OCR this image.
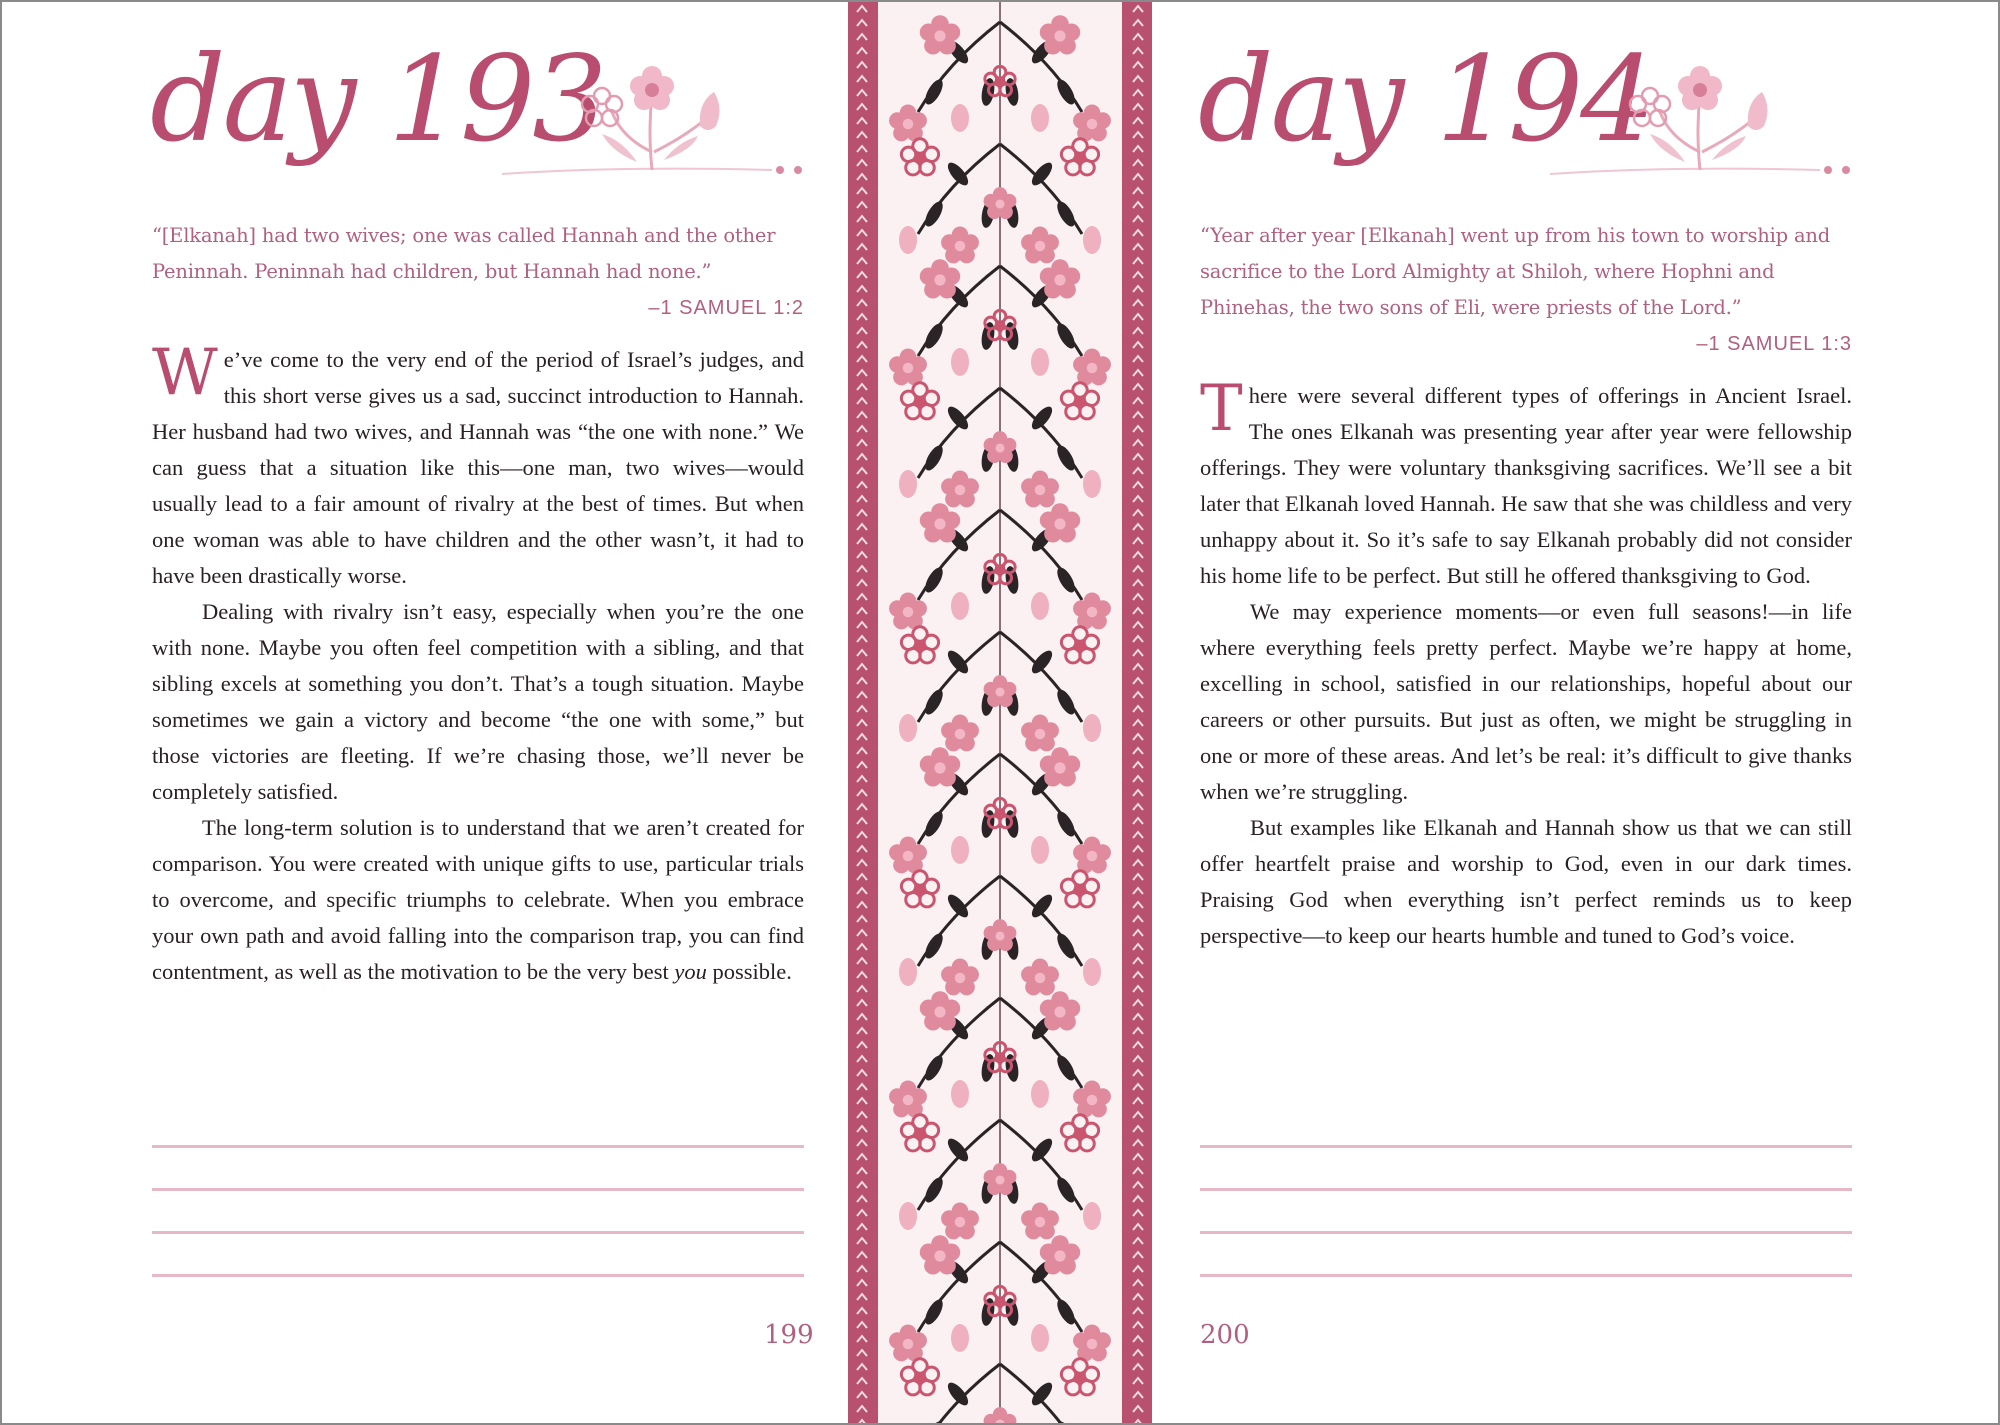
day 193
“[Elkanah] had two wives; one was called Hannah and the other Peninnah. Peninnah had children, but Hannah had none.”
–1 SAMUEL 1:2

We’ve come to the very end of the period of Israel’s judges, and this short verse gives us a sad, succinct introduction to Hannah. Her husband had two wives, and Hannah was “the one with none.” We can guess that a situation like this—one man, two wives—would usually lead to a fair amount of rivalry at the best of times. But when one woman was able to have children and the other wasn’t, it had to have been drastically worse.

Dealing with rivalry isn’t easy, especially when you’re the one with none. Maybe you often feel competition with a sibling, and that sibling excels at something you don’t. That’s a tough situation. Maybe sometimes we gain a victory and become “the one with some,” but those victories are fleeting. If we’re chasing those, we’ll never be completely satisfied.

The long-term solution is to understand that we aren’t created for comparison. You were created with unique gifts to use, particular trials to overcome, and specific triumphs to celebrate. When you embrace your own path and avoid falling into the comparison trap, you can find contentment, as well as the motivation to be the very best you possible.

199
day 194
“Year after year [Elkanah] went up from his town to worship and sacrifice to the Lord Almighty at Shiloh, where Hophni and Phinehas, the two sons of Eli, were priests of the Lord.”
–1 SAMUEL 1:3

There were several different types of offerings in Ancient Israel. The ones Elkanah was presenting year after year were fellowship offerings. They were voluntary thanksgiving sacrifices. We’ll see a bit later that Elkanah loved Hannah. He saw that she was childless and very unhappy about it. So it’s safe to say Elkanah probably did not consider his home life to be perfect. But still he offered thanksgiving to God.

We may experience moments—or even full seasons!—in life where everything feels pretty perfect. Maybe we’re happy at home, excelling in school, satisfied in our relationships, hopeful about our careers or other pursuits. But just as often, we might be struggling in one or more of these areas. And let’s be real: it’s difficult to give thanks when we’re struggling.

But examples like Elkanah and Hannah show us that we can still offer heartfelt praise and worship to God, even in our dark times. Praising God when everything isn’t perfect reminds us to keep perspective—to keep our hearts humble and tuned to God’s voice.

200
